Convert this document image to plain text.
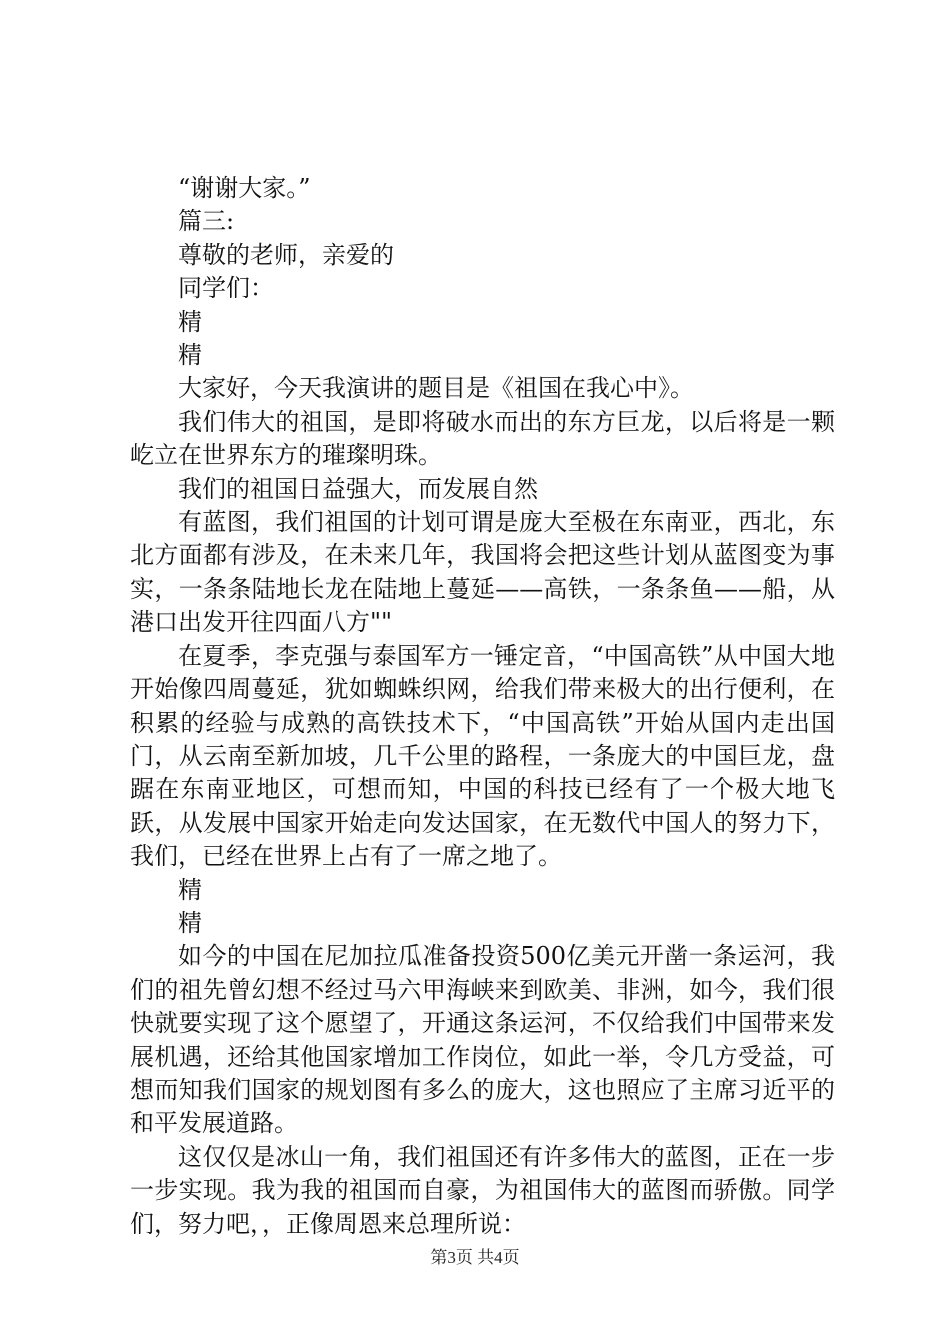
“谢谢大家。”

篇三:

尊敬的老师，亲爱的

同学们：

精

精

大家好，今天我演讲的题目是《祖国在我心中》。

我们伟大的祖国，是即将破水而出的东方巨龙，以后将是一颗屹立在世界东方的璀璨明珠。

我们的祖国日益强大，而发展自然

有蓝图，我们祖国的计划可谓是庞大至极在东南亚，西北，东北方面都有涉及，在未来几年，我国将会把这些计划从蓝图变为事实，一条条陆地长龙在陆地上蔓延——高铁，一条条鱼——船，从港口出发开往四面八方""

在夏季，李克强与泰国军方一锤定音，“中国高铁”从中国大地开始像四周蔓延，犹如蜘蛛织网，给我们带来极大的出行便利，在积累的经验与成熟的高铁技术下，“中国高铁”开始从国内走出国门，从云南至新加坡，几千公里的路程，一条庞大的中国巨龙，盘踞在东南亚地区，可想而知，中国的科技已经有了一个极大地飞跃，从发展中国家开始走向发达国家，在无数代中国人的努力下，我们，已经在世界上占有了一席之地了。

精

精

如今的中国在尼加拉瓜准备投资500亿美元开凿一条运河，我们的祖先曾幻想不经过马六甲海峡来到欧美、非洲，如今，我们很快就要实现了这个愿望了，开通这条运河，不仅给我们中国带来发展机遇，还给其他国家增加工作岗位，如此一举，令几方受益，可想而知我们国家的规划图有多么的庞大，这也照应了主席习近平的和平发展道路。

这仅仅是冰山一角，我们祖国还有许多伟大的蓝图，正在一步一步实现。我为我的祖国而自豪，为祖国伟大的蓝图而骄傲。同学们，努力吧，，正像周恩来总理所说：

第3页 共4页
